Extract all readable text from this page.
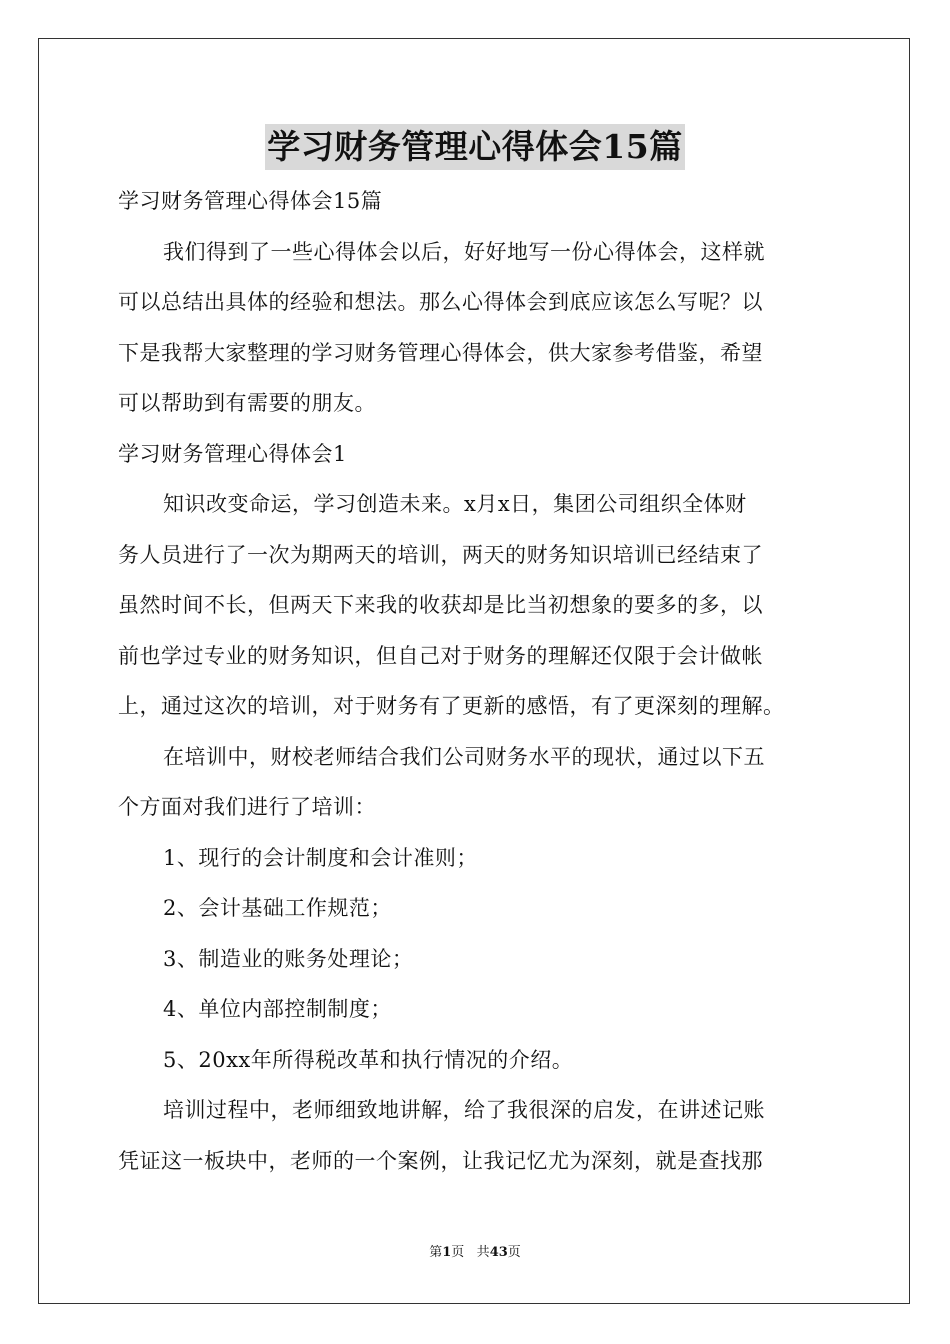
学习财务管理心得体会15篇
学习财务管理心得体会15篇
我们得到了一些心得体会以后，好好地写一份心得体会，这样就
可以总结出具体的经验和想法。那么心得体会到底应该怎么写呢？以
下是我帮大家整理的学习财务管理心得体会，供大家参考借鉴，希望
可以帮助到有需要的朋友。
学习财务管理心得体会1
知识改变命运，学习创造未来。x月x日，集团公司组织全体财
务人员进行了一次为期两天的培训，两天的财务知识培训已经结束了
虽然时间不长，但两天下来我的收获却是比当初想象的要多的多，以
前也学过专业的财务知识，但自己对于财务的理解还仅限于会计做帐
上，通过这次的培训，对于财务有了更新的感悟，有了更深刻的理解。
在培训中，财校老师结合我们公司财务水平的现状，通过以下五
个方面对我们进行了培训：
1、现行的会计制度和会计准则；
2、会计基础工作规范；
3、制造业的账务处理论；
4、单位内部控制制度；
5、20xx年所得税改革和执行情况的介绍。
培训过程中，老师细致地讲解，给了我很深的启发，在讲述记账
凭证这一板块中，老师的一个案例，让我记忆尤为深刻，就是查找那
第1页 共43页
